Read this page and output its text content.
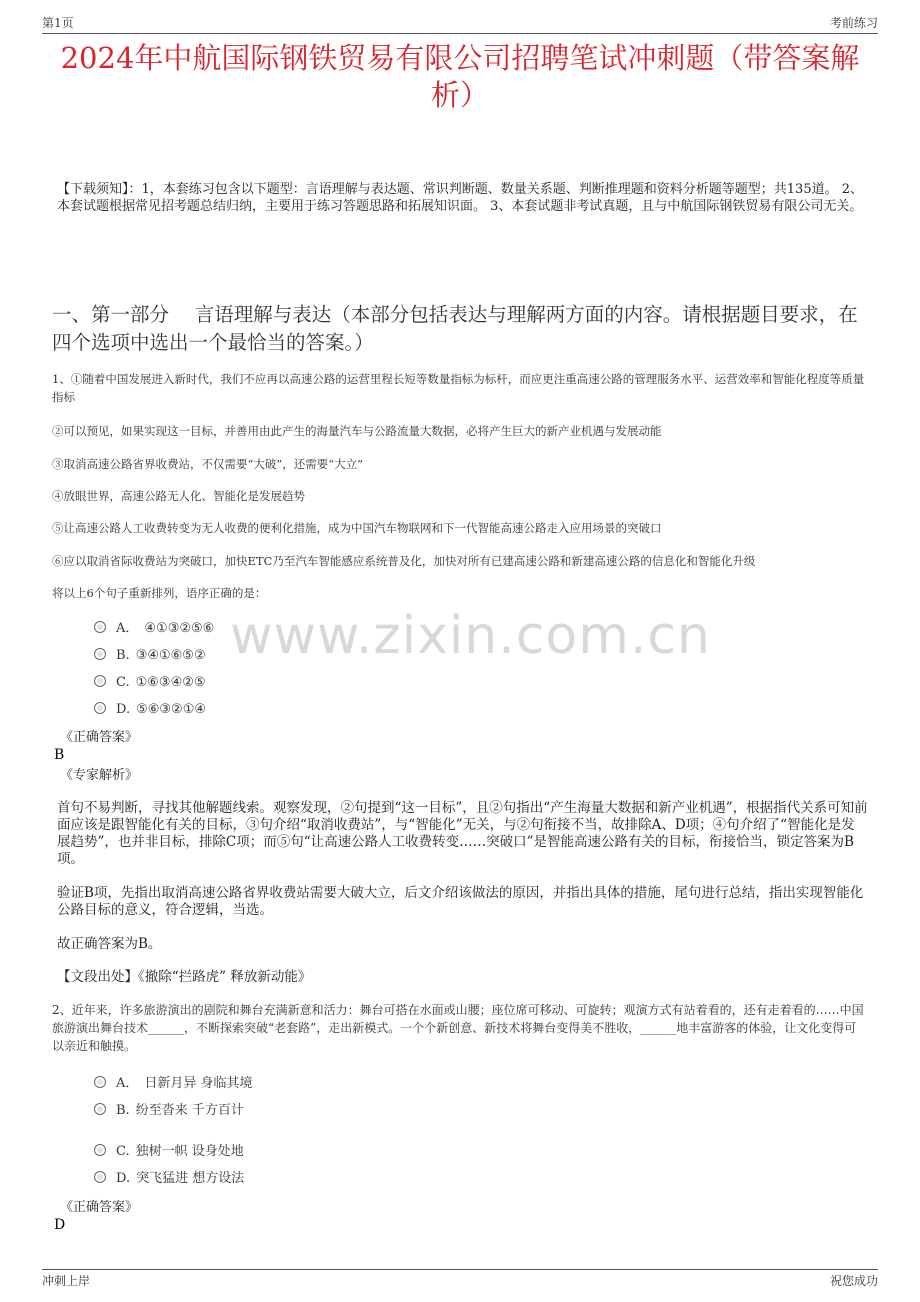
第1页	考前练习
2024年中航国际钢铁贸易有限公司招聘笔试冲刺题（带答案解析）
【下载须知】：1，本套练习包含以下题型：言语理解与表达题、常识判断题、数量关系题、判断推理题和资料分析题等题型；共135道。 2、本套试题根据常见招考题总结归纳，主要用于练习答题思路和拓展知识面。 3、本套试题非考试真题，且与中航国际钢铁贸易有限公司无关。
一、第一部分　 言语理解与表达（本部分包括表达与理解两方面的内容。请根据题目要求，在四个选项中选出一个最恰当的答案。）
1、①随着中国发展进入新时代，我们不应再以高速公路的运营里程长短等数量指标为标杆，而应更注重高速公路的管理服务水平、运营效率和智能化程度等质量指标
②可以预见，如果实现这一目标，并善用由此产生的海量汽车与公路流量大数据，必将产生巨大的新产业机遇与发展动能
③取消高速公路省界收费站，不仅需要“大破”，还需要“大立”
④放眼世界，高速公路无人化、智能化是发展趋势
⑤让高速公路人工收费转变为无人收费的便利化措施，成为中国汽车物联网和下一代智能高速公路走入应用场景的突破口
⑥应以取消省际收费站为突破口，加快ETC乃至汽车智能感应系统普及化，加快对所有已建高速公路和新建高速公路的信息化和智能化升级
将以上6个句子重新排列，语序正确的是：
www.zixin.com.cn
A． ④①③②⑤⑥
B. ③④①⑥⑤②
C. ①⑥③④②⑤
D. ⑤⑥③②①④
《正确答案》
B
《专家解析》
首句不易判断，寻找其他解题线索。观察发现，②句提到“这一目标”，且②句指出“产生海量大数据和新产业机遇”，根据指代关系可知前面应该是跟智能化有关的目标，③句介绍“取消收费站”，与“智能化”无关，与②句衔接不当，故排除A、D项；④句介绍了“智能化是发展趋势”，也并非目标，排除C项；而⑤句“让高速公路人工收费转变……突破口”是智能高速公路有关的目标，衔接恰当，锁定答案为B项。
验证B项，先指出取消高速公路省界收费站需要大破大立，后文介绍该做法的原因，并指出具体的措施，尾句进行总结，指出实现智能化公路目标的意义，符合逻辑，当选。
故正确答案为B。
【文段出处】《撤除“拦路虎” 释放新动能》
2、近年来，许多旅游演出的剧院和舞台充满新意和活力：舞台可搭在水面或山腰；座位席可移动、可旋转；观演方式有站着看的，还有走着看的……中国旅游演出舞台技术______，不断探索突破“老套路”，走出新模式。一个个新创意、新技术将舞台变得美不胜收，______地丰富游客的体验，让文化变得可以亲近和触摸。
A． 日新月异 身临其境
B. 纷至沓来 千方百计
C. 独树一帜 设身处地
D. 突飞猛进 想方设法
《正确答案》
D
冲刺上岸	祝您成功
